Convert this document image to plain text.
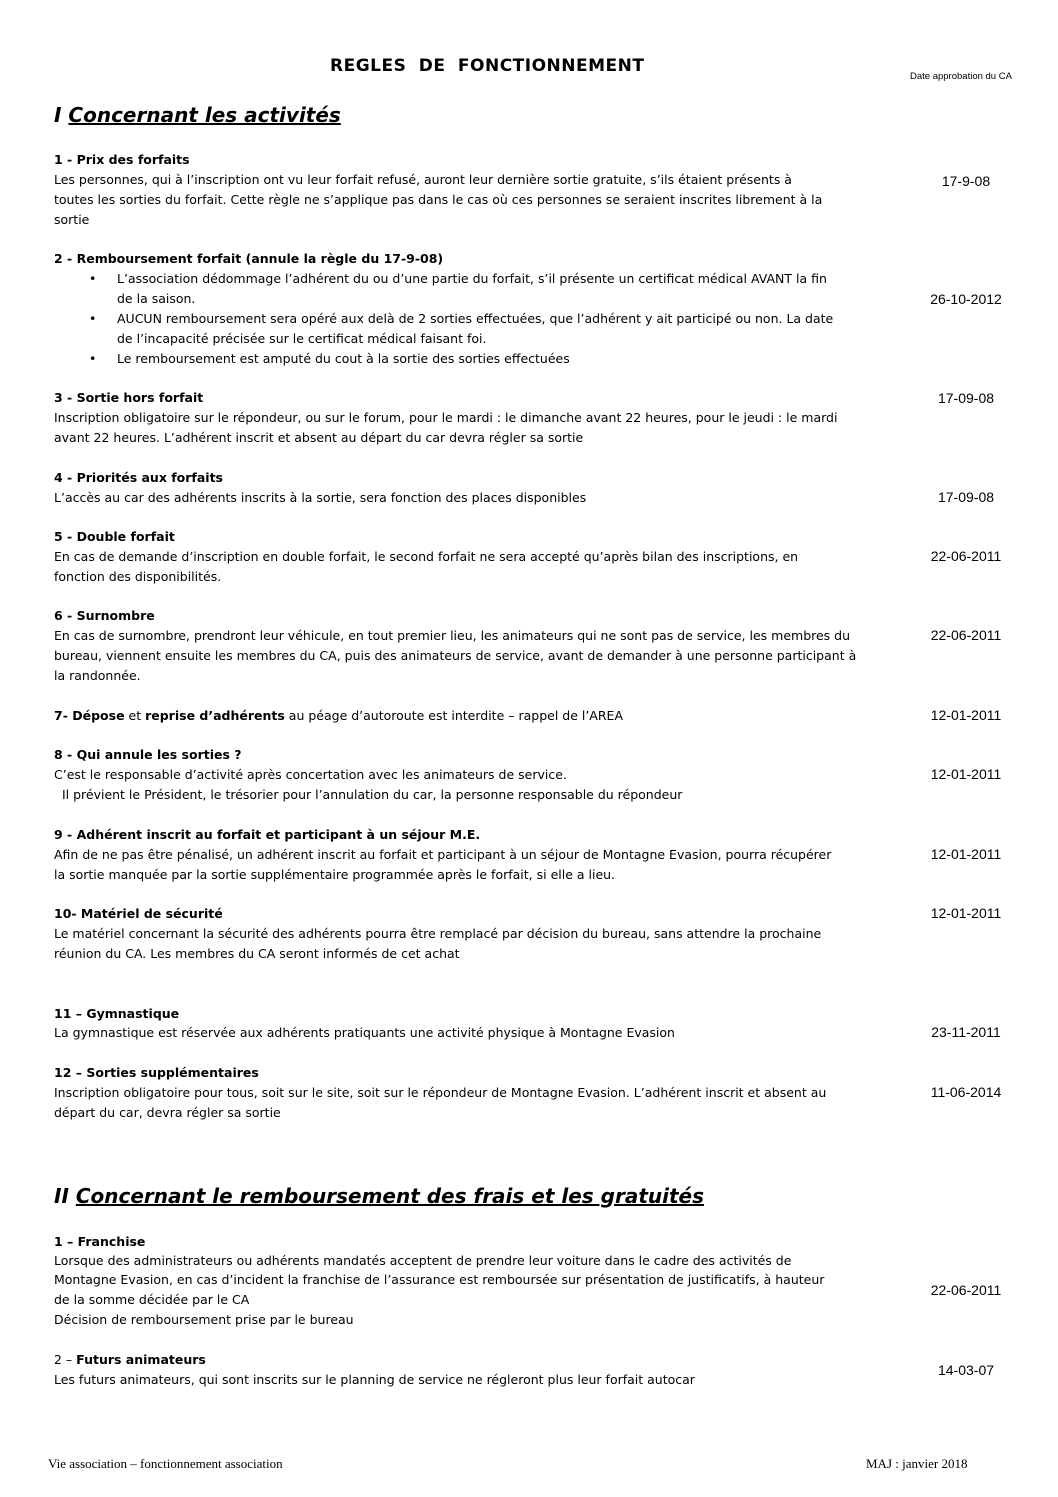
REGLES DE FONCTIONNEMENT
Date approbation du CA
I Concernant les activités
1 - Prix des forfaits
Les personnes, qui à l’inscription ont vu leur forfait refusé, auront leur dernière sortie gratuite, s’ils étaient présents à
toutes les sorties du forfait. Cette règle ne s’applique pas dans le cas où ces personnes se seraient inscrites librement à la
sortie
17-9-08
2 - Remboursement forfait (annule la règle du 17-9-08)
• L’association dédommage l’adhérent du ou d’une partie du forfait, s’il présente un certificat médical AVANT la fin
de la saison.
• AUCUN remboursement sera opéré aux delà de 2 sorties effectuées, que l’adhérent y ait participé ou non. La date
de l’incapacité précisée sur le certificat médical faisant foi.
• Le remboursement est amputé du cout à la sortie des sorties effectuées
26-10-2012
3 - Sortie hors forfait
Inscription obligatoire sur le répondeur, ou sur le forum, pour le mardi : le dimanche avant 22 heures, pour le jeudi : le mardi
avant 22 heures. L’adhérent inscrit et absent au départ du car devra régler sa sortie
17-09-08
4 - Priorités aux forfaits
L’accès au car des adhérents inscrits à la sortie, sera fonction des places disponibles	17-09-08
5 - Double forfait
En cas de demande d’inscription en double forfait, le second forfait ne sera accepté qu’après bilan des inscriptions, en
fonction des disponibilités.
22-06-2011
6 - Surnombre
En cas de surnombre, prendront leur véhicule, en tout premier lieu, les animateurs qui ne sont pas de service, les membres du
bureau, viennent ensuite les membres du CA, puis des animateurs de service, avant de demander à une personne participant à
la randonnée.
22-06-2011
7- Dépose et reprise d’adhérents au péage d’autoroute est interdite – rappel de l’AREA	12-01-2011
8 - Qui annule les sorties ?
C’est le responsable d’activité après concertation avec les animateurs de service.
Il prévient le Président, le trésorier pour l’annulation du car, la personne responsable du répondeur
12-01-2011
9 - Adhérent inscrit au forfait et participant à un séjour M.E.
Afin de ne pas être pénalisé, un adhérent inscrit au forfait et participant à un séjour de Montagne Evasion, pourra récupérer
la sortie manquée par la sortie supplémentaire programmée après le forfait, si elle a lieu.
12-01-2011
10- Matériel de sécurité
Le matériel concernant la sécurité des adhérents pourra être remplacé par décision du bureau, sans attendre la prochaine
réunion du CA. Les membres du CA seront informés de cet achat
12-01-2011
11 – Gymnastique
La gymnastique est réservée aux adhérents pratiquants une activité physique à Montagne Evasion	23-11-2011
12 – Sorties supplémentaires
Inscription obligatoire pour tous, soit sur le site, soit sur le répondeur de Montagne Evasion. L’adhérent inscrit et absent au
départ du car, devra régler sa sortie
11-06-2014
II Concernant le remboursement des frais et les gratuités
1 – Franchise
Lorsque des administrateurs ou adhérents mandatés acceptent de prendre leur voiture dans le cadre des activités de
Montagne Evasion, en cas d’incident la franchise de l’assurance est remboursée sur présentation de justificatifs, à hauteur
de la somme décidée par le CA
Décision de remboursement prise par le bureau
22-06-2011
2 – Futurs animateurs
Les futurs animateurs, qui sont inscrits sur le planning de service ne régleront plus leur forfait autocar
14-03-07
Vie association – fonctionnement association	MAJ : janvier 2018
